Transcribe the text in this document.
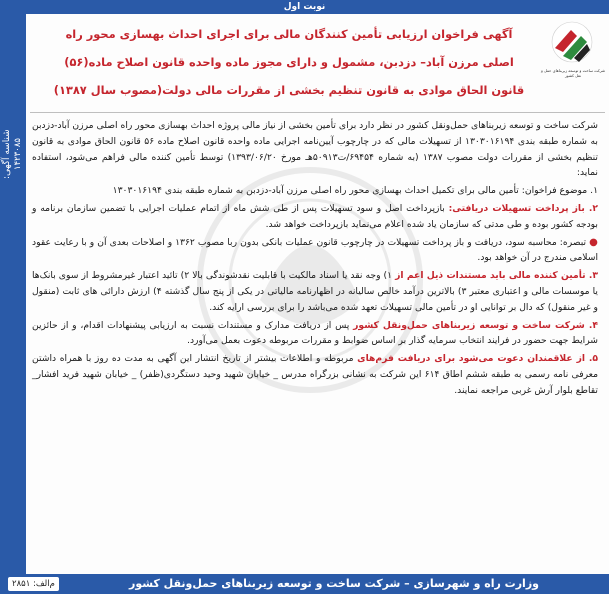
نوبت اول
شناسه آگهی: ۱۴۲۳۰۸۵
شرکت ساخت و توسعه زیربناهای حمل و نقل کشور
آگهی فراخوان ارزیابی تأمین کنندگان مالی برای اجرای احداث بهسازی محور راه
اصلی مرزن آباد– دزدبن، مشمول و دارای مجوز ماده واحده قانون اصلاح ماده(۵۶)
قانون الحاق موادی به قانون تنظیم بخشی از مقررات مالی دولت(مصوب سال ۱۳۸۷)

شرکت ساخت و توسعه زیربناهای حمل‌ونقل کشور در نظر دارد برای تأمین بخشی از نیاز مالی پروژه احداث بهسازی محور راه اصلی مرزن آباد-دزدبن به شماره طبقه بندی ۱۳۰۳۰۱۶۱۹۴ از تسهیلات مالی که در چارچوب آیین‌نامه اجرایی ماده واحده قانون اصلاح ماده ۵۶ قانون الحاق موادی به قانون تنظیم بخشی از مقررات دولت مصوب ۱۳۸۷ (به شماره ۶۹۴۵۴/ت۵۰۹۱۳هـ مورخ ۱۳۹۳/۰۶/۲۰) توسط تأمین کننده مالی فراهم می‌شود، استفاده نماید:

۱. موضوع فراخوان: تأمین مالی برای تکمیل احداث بهسازی محور راه اصلی مرزن آباد-دزدبن به شماره طبقه بندی ۱۳۰۳۰۱۶۱۹۴

۲. باز پرداخت تسهیلات دریافتی: بازپرداخت اصل و سود تسهیلات پس از طی شش ماه از اتمام عملیات اجرایی با تضمین سازمان برنامه و بودجه کشور بوده و طی مدتی که سازمان یاد شده اعلام می‌نماید بازپرداخت خواهد شد.

● تبصره: محاسبه سود، دریافت و باز پرداخت تسهیلات در چارچوب قانون عملیات بانکی بدون ربا مصوب ۱۳۶۲ و اصلاحات بعدی آن و با رعایت عقود اسلامی مندرج در آن خواهد بود.

۳. تأمین کننده مالی باید مستندات ذیل اعم از ۱) وجه نقد یا اسناد مالکیت با قابلیت نقدشوندگی بالا ۲) تائید اعتبار غیرمشروط از سوی بانک‌ها یا موسسات مالی و اعتباری معتبر ۳) بالاترین درآمد خالص سالیانه در اظهارنامه مالیاتی در یکی از پنج سال گذشته ۴) ارزش دارائی های ثابت (منقول و غیر منقول) که دال بر توانایی او در تأمین مالی تسهیلات تعهد شده می‌باشد را برای بررسی ارایه کند.

۴. شرکت ساخت و توسعه زیربناهای حمل‌ونقل کشور پس از دریافت مدارک و مستندات نسبت به ارزیابی پیشنهادات اقدام، و از حائزین شرایط جهت حضور در فرایند انتخاب سرمایه گذار بر اساس ضوابط و مقررات مربوطه دعوت بعمل می‌آورد.

۵. از علاقمندان دعوت می‌شود برای دریافت فرم‌های مربوطه و اطلاعات بیشتر از تاریخ انتشار این آگهی به مدت ده روز با همراه داشتن معرفی نامه رسمی به طبقه ششم اطاق ۶۱۴ این شرکت به نشانی بزرگراه مدرس _ خیابان شهید وحید دستگردی(ظفر) _ خیابان شهید فرید افشار_ تقاطع بلوار آرش غربی مراجعه نمایند.

وزارت راه و شهرسازی – شرکت ساخت و توسعه زیربناهای حمل‌ونقل کشور
م‌الف: ۲۸۵۱
